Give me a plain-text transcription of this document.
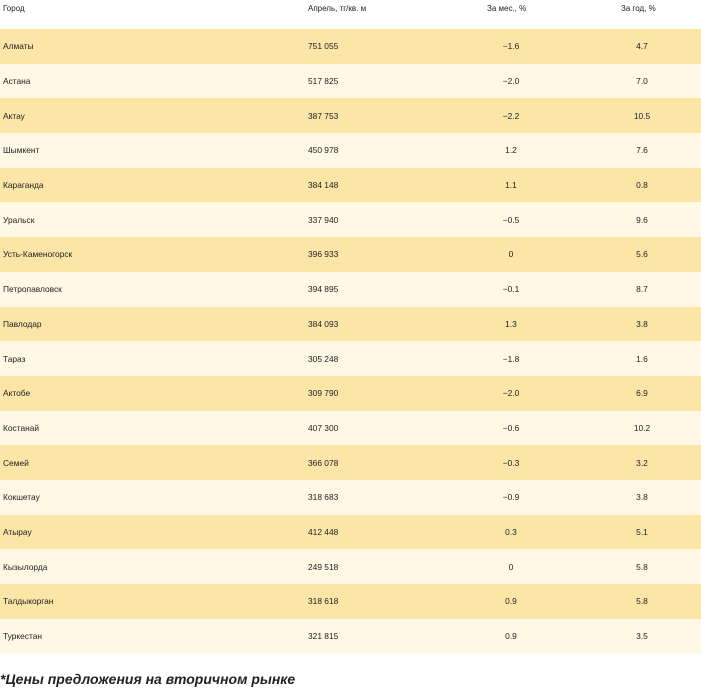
Город	Апрель, тг/кв. м	За мес., %	За год, %
Алматы	751 055	−1.6	4.7
Астана	517 825	−2.0	7.0
Актау	387 753	−2.2	10.5
Шымкент	450 978	1.2	7.6
Караганда	384 148	1.1	0.8
Уральск	337 940	−0.5	9.6
Усть-Каменогорск	396 933	0	5.6
Петропавловск	394 895	−0.1	8.7
Павлодар	384 093	1.3	3.8
Тараз	305 248	−1.8	1.6
Актобе	309 790	−2.0	6.9
Костанай	407 300	−0.6	10.2
Семей	366 078	−0.3	3.2
Кокшетау	318 683	−0.9	3.8
Атырау	412 448	0.3	5.1
Кызылорда	249 518	0	5.8
Талдыкорган	318 618	0.9	5.8
Туркестан	321 815	0.9	3.5
*Цены предложения на вторичном рынке
